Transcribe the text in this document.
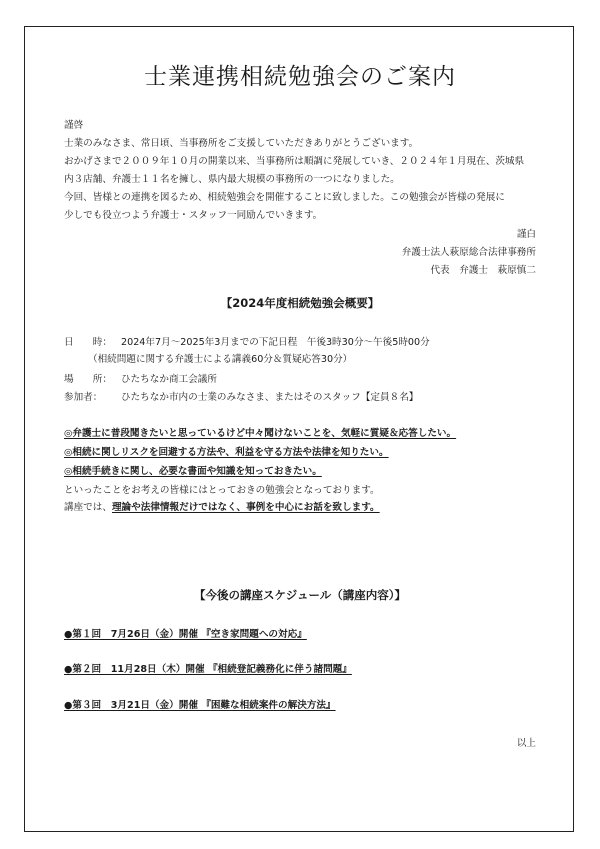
士業連携相続勉強会のご案内
謹啓
士業のみなさま、常日頃、当事務所をご支援していただきありがとうございます。
おかげさまで２００９年１０月の開業以来、当事務所は順調に発展していき、２０２４年１月現在、茨城県
内３店舗、弁護士１１名を擁し、県内最大規模の事務所の一つになりました。
今回、皆様との連携を図るため、相続勉強会を開催することに致しました。この勉強会が皆様の発展に
少しでも役立つよう弁護士・スタッフ一同励んでいきます。
謹白
弁護士法人萩原総合法律事務所
代表　弁護士　萩原慎二
【2024年度相続勉強会概要】
日　　時： 2024年7月～2025年3月までの下記日程　午後3時30分～午後5時00分
（相続問題に関する弁護士による講義60分＆質疑応答30分）
場　　所： ひたちなか商工会議所
参加者： ひたちなか市内の士業のみなさま、またはそのスタッフ【定員８名】
◎弁護士に普段聞きたいと思っているけど中々聞けないことを、気軽に質疑＆応答したい。
◎相続に関しリスクを回避する方法や、利益を守る方法や法律を知りたい。
◎相続手続きに関し、必要な書面や知識を知っておきたい。
といったことをお考えの皆様にはとっておきの勉強会となっております。
講座では、理論や法律情報だけではなく、事例を中心にお話を致します。
【今後の講座スケジュール（講座内容）】
●第１回　7月26日（金）開催 『空き家問題への対応』
●第２回　11月28日（木）開催 『相続登記義務化に伴う諸問題』
●第３回　3月21日（金）開催 『困難な相続案件の解決方法』
以上
